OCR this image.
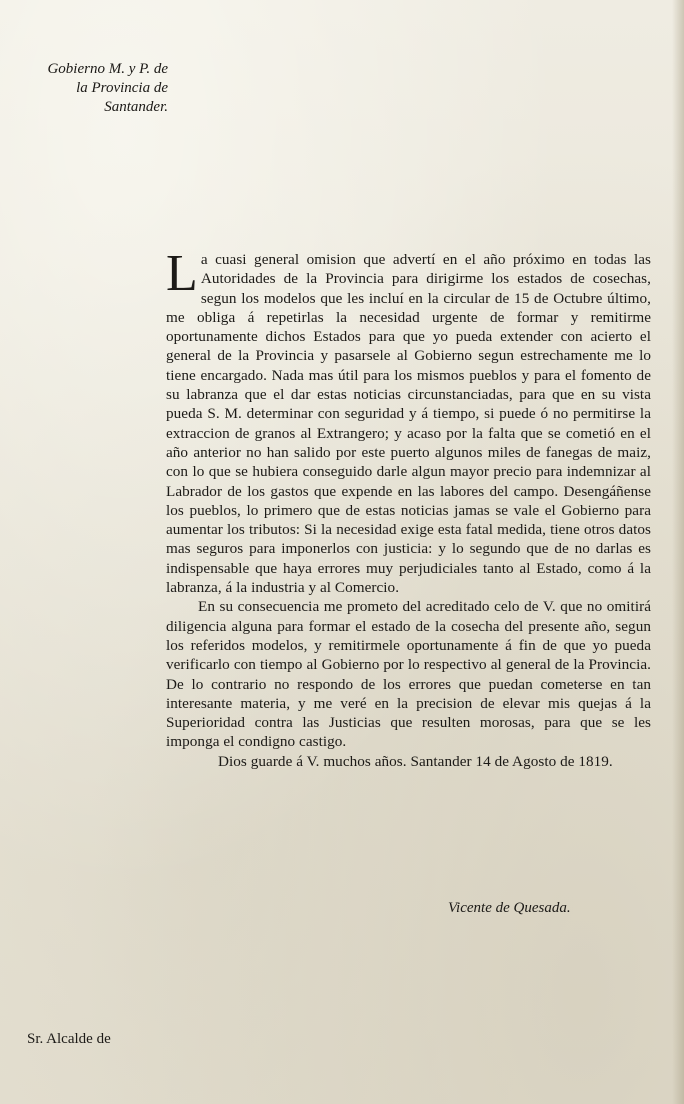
Gobierno M. y P. de
la Provincia de
Santander.

La cuasi general omision que advertí en el año próximo en todas las Autoridades de la Provincia para dirigirme los estados de cosechas, segun los modelos que les incluí en la circular de 15 de Octubre último, me obliga á repetirlas la necesidad urgente de formar y remitirme oportunamente dichos Estados para que yo pueda extender con acierto el general de la Provincia y pasarsele al Gobierno segun estrechamente me lo tiene encargado. Nada mas útil para los mismos pueblos y para el fomento de su labranza que el dar estas noticias circunstanciadas, para que en su vista pueda S. M. determinar con seguridad y á tiempo, si puede ó no permitirse la extraccion de granos al Extrangero; y acaso por la falta que se cometió en el año anterior no han salido por este puerto algunos miles de fanegas de maiz, con lo que se hubiera conseguido darle algun mayor precio para indemnizar al Labrador de los gastos que expende en las labores del campo. Desengáñense los pueblos, lo primero que de estas noticias jamas se vale el Gobierno para aumentar los tributos: Si la necesidad exige esta fatal medida, tiene otros datos mas seguros para imponerlos con justicia: y lo segundo que de no darlas es indispensable que haya errores muy perjudiciales tanto al Estado, como á la labranza, á la industria y al Comercio.

En su consecuencia me prometo del acreditado celo de V. que no omitirá diligencia alguna para formar el estado de la cosecha del presente año, segun los referidos modelos, y remitirmele oportunamente á fin de que yo pueda verificarlo con tiempo al Gobierno por lo respectivo al general de la Provincia. De lo contrario no respondo de los errores que puedan cometerse en tan interesante materia, y me veré en la precision de elevar mis quejas á la Superioridad contra las Justicias que resulten morosas, para que se les imponga el condigno castigo.

Dios guarde á V. muchos años. Santander 14 de Agosto de 1819.

Vicente de Quesada.
Sr. Alcalde de
